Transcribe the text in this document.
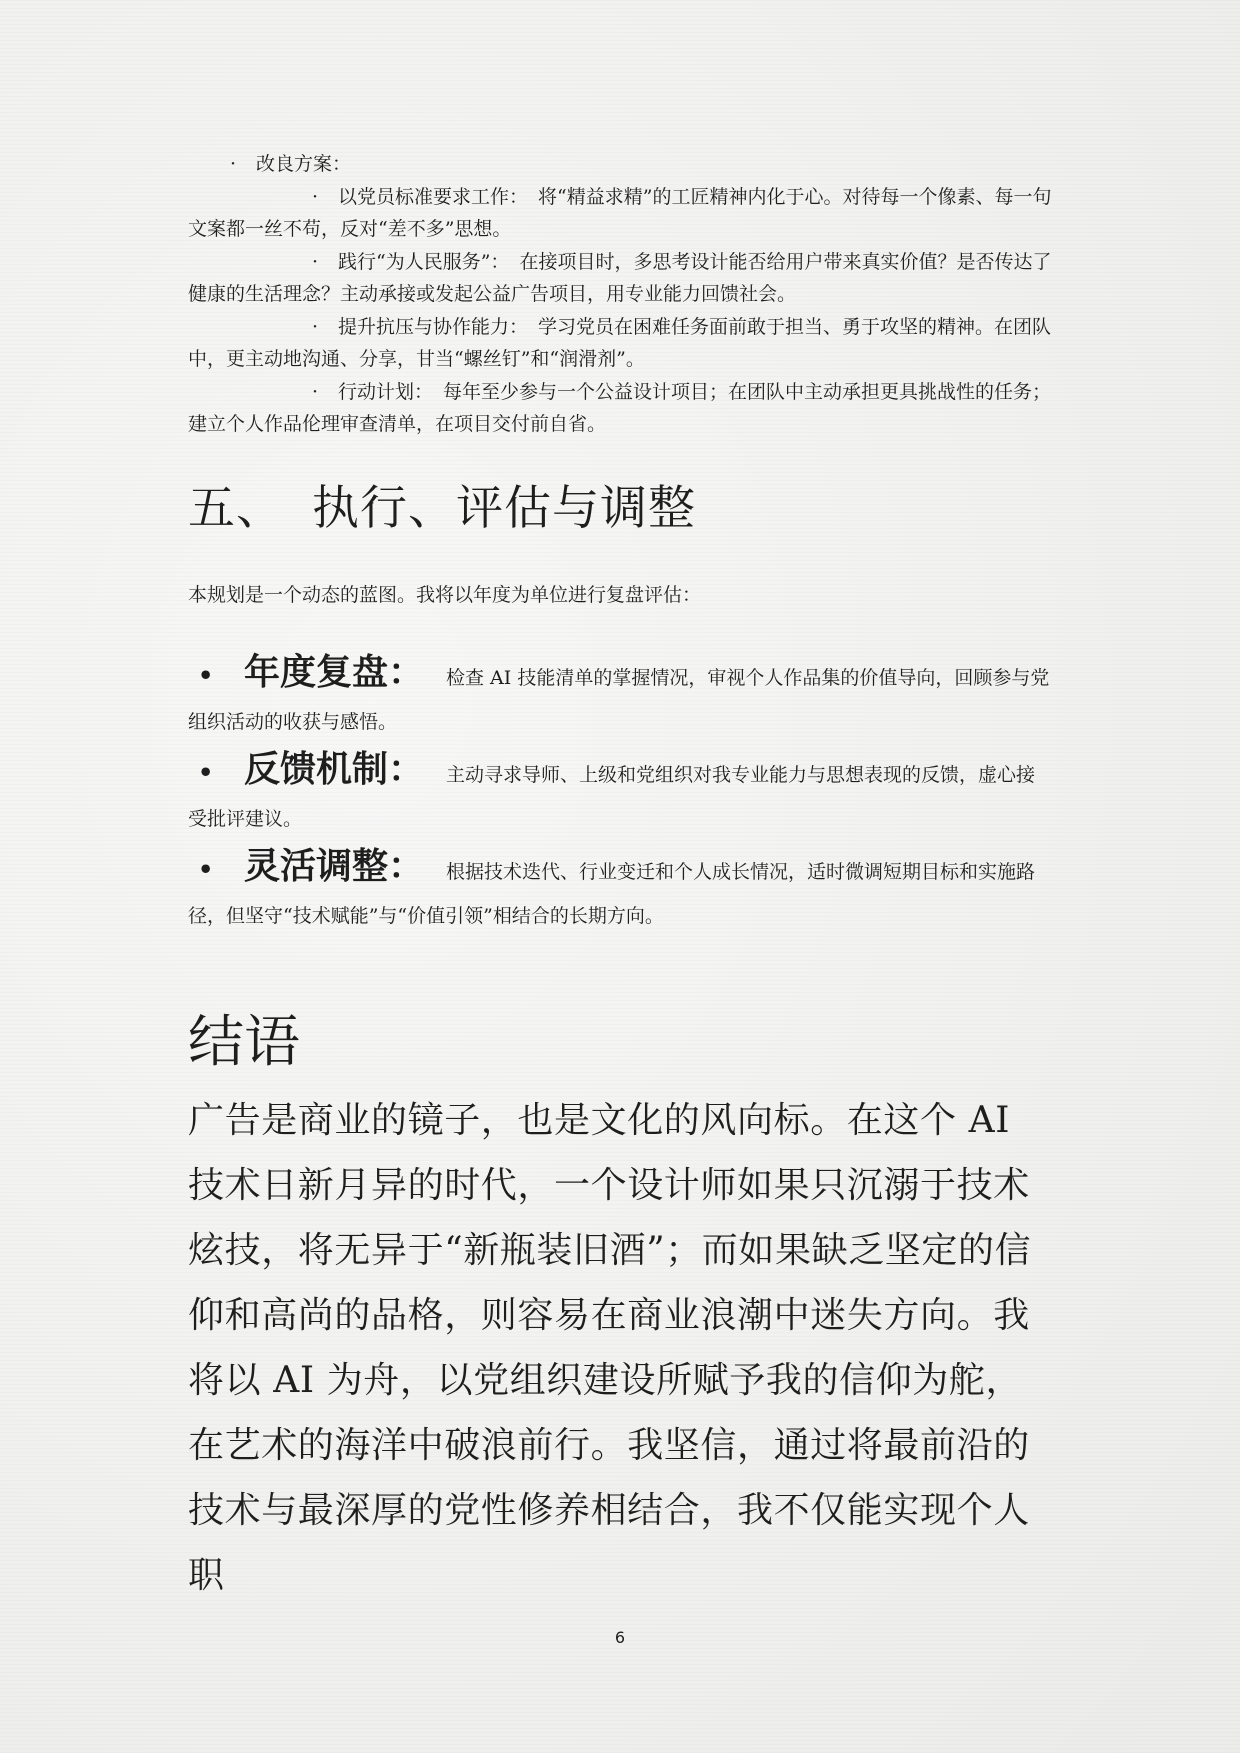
· 改良方案：

· 以党员标准要求工作： 将“精益求精”的工匠精神内化于心。对待每一个像素、每一句文案都一丝不苟，反对“差不多”思想。

· 践行“为人民服务”： 在接项目时，多思考设计能否给用户带来真实价值？是否传达了健康的生活理念？主动承接或发起公益广告项目，用专业能力回馈社会。

· 提升抗压与协作能力： 学习党员在困难任务面前敢于担当、勇于攻坚的精神。在团队中，更主动地沟通、分享，甘当“螺丝钉”和“润滑剂”。

· 行动计划： 每年至少参与一个公益设计项目；在团队中主动承担更具挑战性的任务；建立个人作品伦理审查清单，在项目交付前自省。

五、 执行、评估与调整

本规划是一个动态的蓝图。我将以年度为单位进行复盘评估：

• 年度复盘： 检查 AI 技能清单的掌握情况，审视个人作品集的价值导向，回顾参与党组织活动的收获与感悟。

• 反馈机制： 主动寻求导师、上级和党组织对我专业能力与思想表现的反馈，虚心接受批评建议。

• 灵活调整： 根据技术迭代、行业变迁和个人成长情况，适时微调短期目标和实施路径，但坚守“技术赋能”与“价值引领”相结合的长期方向。

结语

广告是商业的镜子，也是文化的风向标。在这个 AI 技术日新月异的时代，一个设计师如果只沉溺于技术炫技，将无异于“新瓶装旧酒”；而如果缺乏坚定的信仰和高尚的品格，则容易在商业浪潮中迷失方向。我将以 AI 为舟，以党组织建设所赋予我的信仰为舵，在艺术的海洋中破浪前行。我坚信，通过将最前沿的技术与最深厚的党性修养相结合，我不仅能实现个人职

6
